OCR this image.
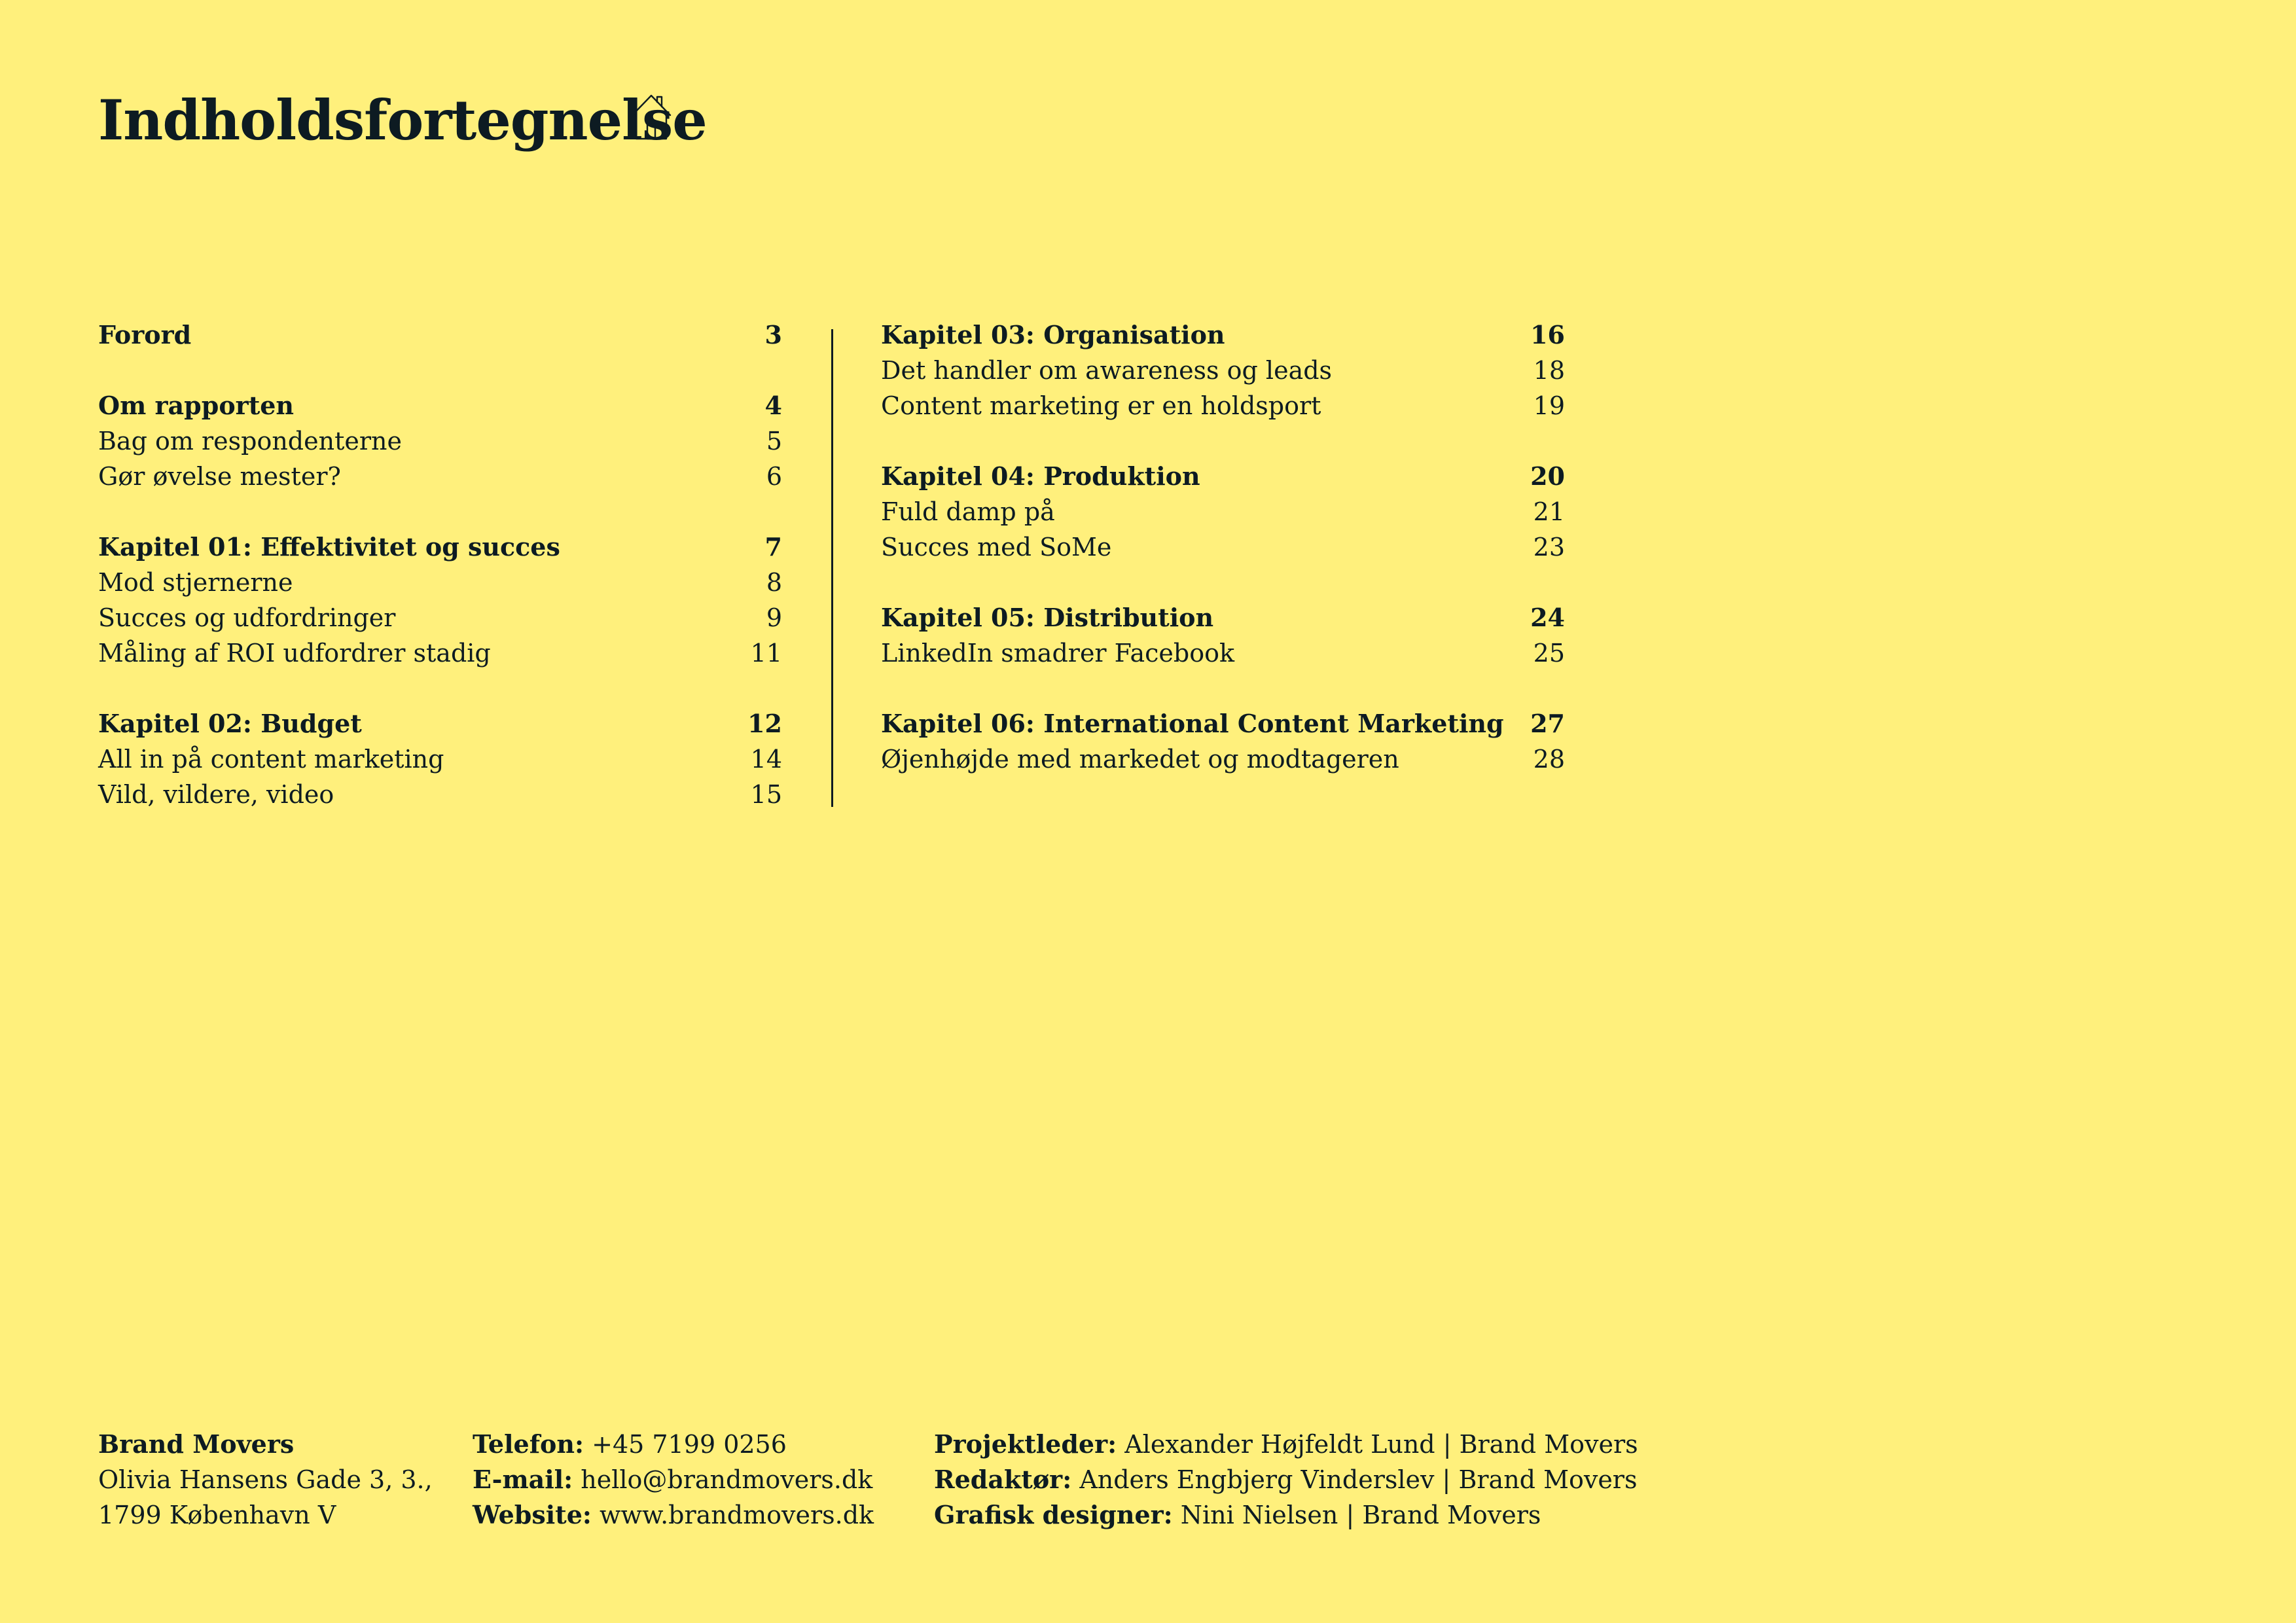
Indholdsfortegnelse
Forord	3
Om rapporten	4
Bag om respondenterne	5
Gør øvelse mester?	6
Kapitel 01: Effektivitet og succes	7
Mod stjernerne	8
Succes og udfordringer	9
Måling af ROI udfordrer stadig	11
Kapitel 02: Budget	12
All in på content marketing	14
Vild, vildere, video	15
Kapitel 03: Organisation	16
Det handler om awareness og leads	18
Content marketing er en holdsport	19
Kapitel 04: Produktion	20
Fuld damp på	21
Succes med SoMe	23
Kapitel 05: Distribution	24
LinkedIn smadrer Facebook	25
Kapitel 06: International Content Marketing 27
Øjenhøjde med markedet og modtageren	28
Brand Movers
Olivia Hansens Gade 3, 3.,
1799 København V
Telefon: +45 7199 0256
E-mail: hello@brandmovers.dk
Website: www.brandmovers.dk
Projektleder: Alexander Højfeldt Lund | Brand Movers
Redaktør: Anders Engbjerg Vinderslev | Brand Movers
Grafisk designer: Nini Nielsen | Brand Movers
